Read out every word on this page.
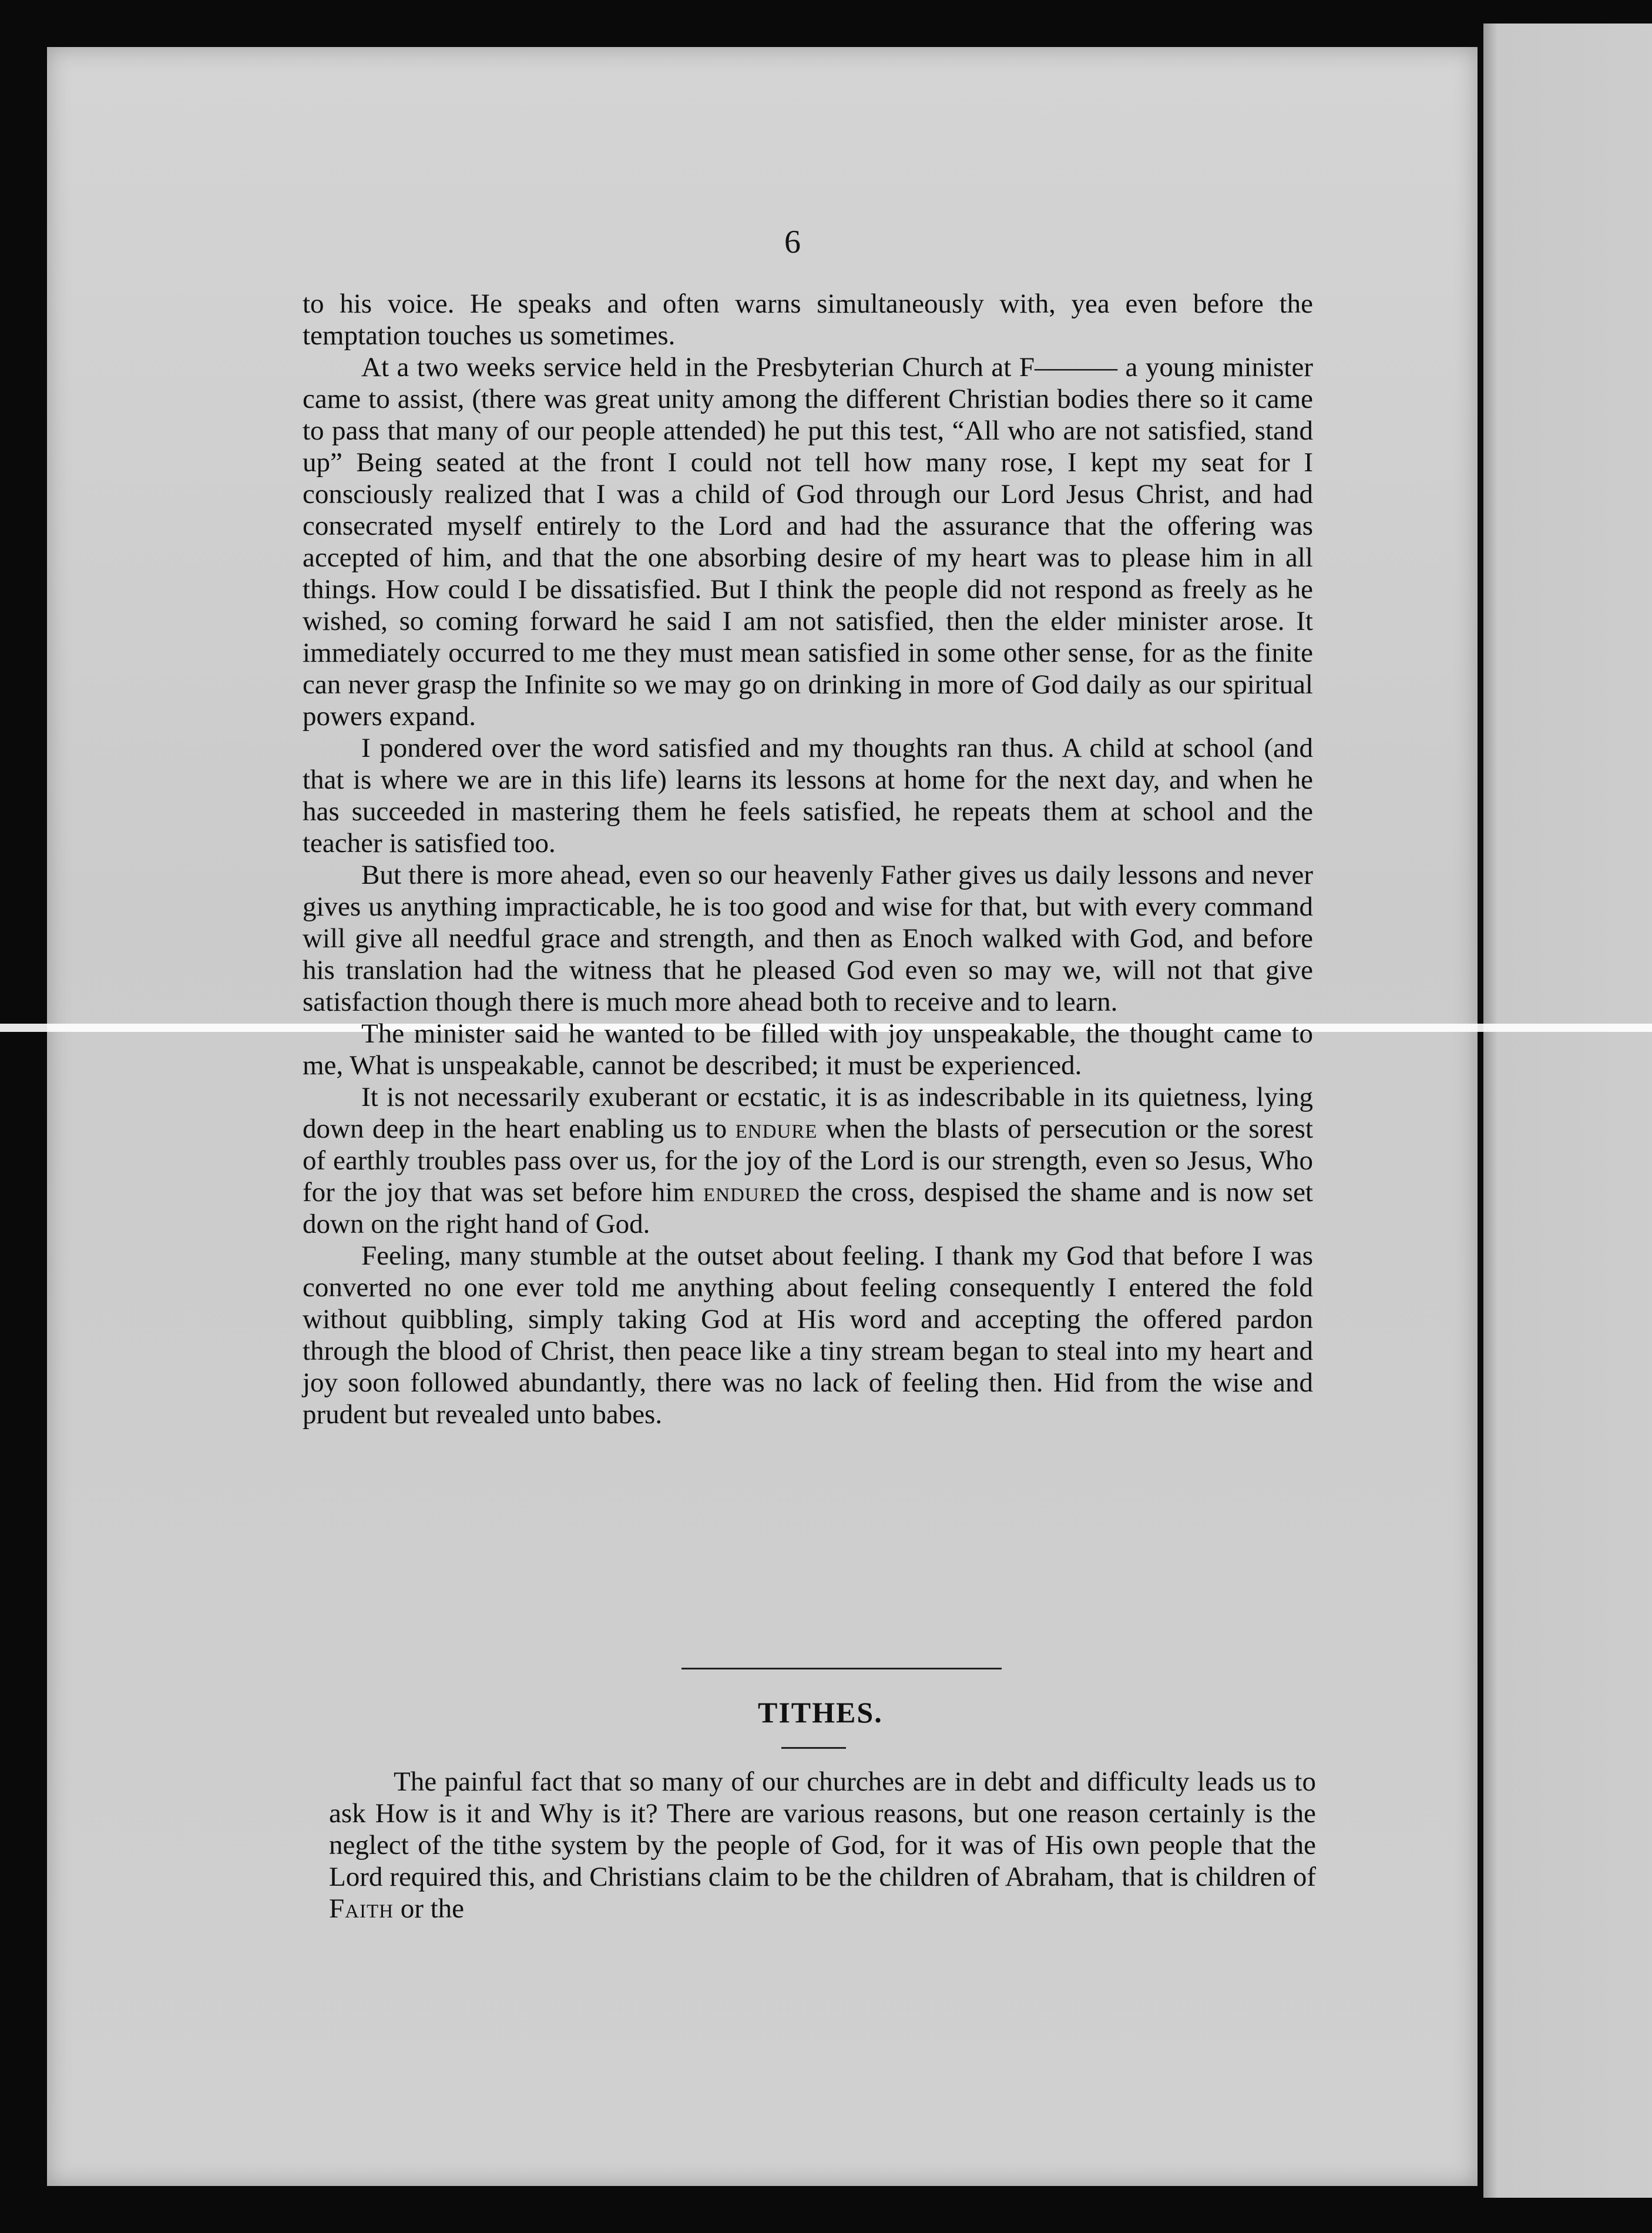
6

to his voice. He speaks and often warns simultaneously with, yea even before the temptation touches us sometimes.

At a two weeks service held in the Presbyterian Church at F——— a young minister came to assist, (there was great unity among the different Christian bodies there so it came to pass that many of our people attended) he put this test, “All who are not satisfied, stand up” Being seated at the front I could not tell how many rose, I kept my seat for I consciously realized that I was a child of God through our Lord Jesus Christ, and had consecrated myself entirely to the Lord and had the assurance that the offering was accepted of him, and that the one absorbing desire of my heart was to please him in all things. How could I be dissatisfied. But I think the people did not respond as freely as he wished, so coming forward he said I am not satisfied, then the elder minister arose. It immediately occurred to me they must mean satisfied in some other sense, for as the finite can never grasp the Infinite so we may go on drinking in more of God daily as our spiritual powers expand.

I pondered over the word satisfied and my thoughts ran thus. A child at school (and that is where we are in this life) learns its lessons at home for the next day, and when he has succeeded in mastering them he feels satisfied, he repeats them at school and the teacher is satisfied too.

But there is more ahead, even so our heavenly Father gives us daily lessons and never gives us anything impracticable, he is too good and wise for that, but with every command will give all needful grace and strength, and then as Enoch walked with God, and before his translation had the witness that he pleased God even so may we, will not that give satisfaction though there is much more ahead both to receive and to learn.

The minister said he wanted to be filled with joy unspeakable, the thought came to me, What is unspeakable, cannot be described; it must be experienced.

It is not necessarily exuberant or ecstatic, it is as indescribable in its quietness, lying down deep in the heart enabling us to endure when the blasts of persecution or the sorest of earthly troubles pass over us, for the joy of the Lord is our strength, even so Jesus, Who for the joy that was set before him endured the cross, despised the shame and is now set down on the right hand of God.

Feeling, many stumble at the outset about feeling. I thank my God that before I was converted no one ever told me anything about feeling consequently I entered the fold without quibbling, simply taking God at His word and accepting the offered pardon through the blood of Christ, then peace like a tiny stream began to steal into my heart and joy soon followed abundantly, there was no lack of feeling then. Hid from the wise and prudent but revealed unto babes.

TITHES.

The painful fact that so many of our churches are in debt and difficulty leads us to ask How is it and Why is it? There are various reasons, but one reason certainly is the neglect of the tithe system by the people of God, for it was of His own people that the Lord required this, and Christians claim to be the children of Abraham, that is children of Faith or the
